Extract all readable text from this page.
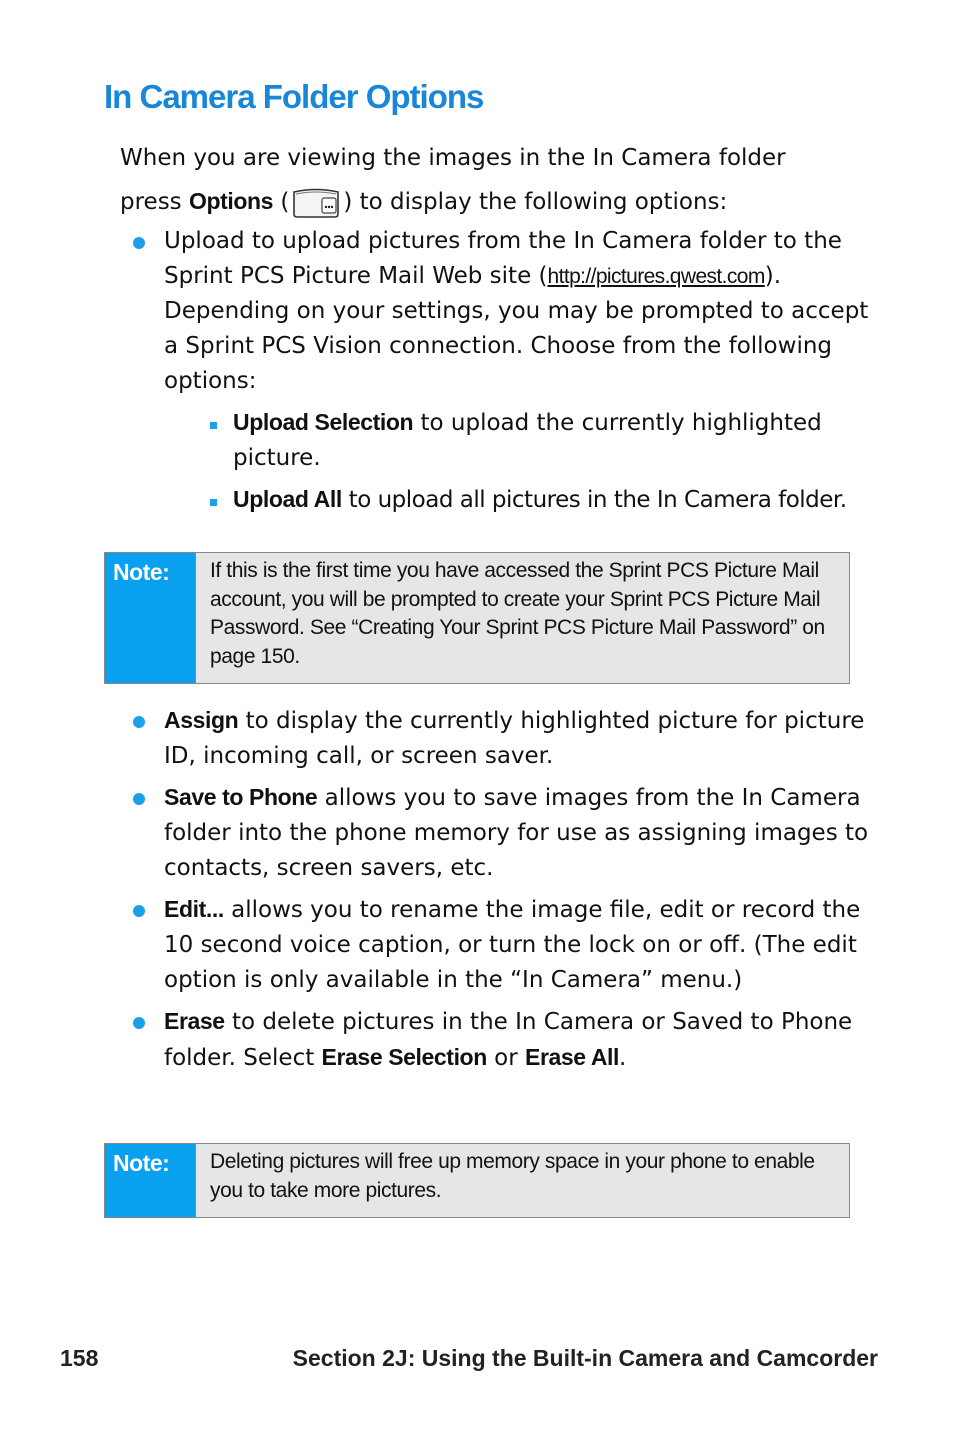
In Camera Folder Options

When you are viewing the images in the In Camera folder
press Options ( ) to display the following options:

Upload to upload pictures from the In Camera folder to the Sprint PCS Picture Mail Web site (http://pictures.qwest.com). Depending on your settings, you may be prompted to accept a Sprint PCS Vision connection. Choose from the following options:
Upload Selection to upload the currently highlighted picture.
Upload All to upload all pictures in the In Camera folder.
Note:	If this is the first time you have accessed the Sprint PCS Picture Mail account, you will be prompted to create your Sprint PCS Picture Mail Password. See “Creating Your Sprint PCS Picture Mail Password” on page 150.
Assign to display the currently highlighted picture for picture ID, incoming call, or screen saver.
Save to Phone allows you to save images from the In Camera folder into the phone memory for use as assigning images to contacts, screen savers, etc.
Edit... allows you to rename the image file, edit or record the 10 second voice caption, or turn the lock on or off. (The edit option is only available in the “In Camera” menu.)
Erase to delete pictures in the In Camera or Saved to Phone folder. Select Erase Selection or Erase All.
Note:	Deleting pictures will free up memory space in your phone to enable you to take more pictures.
158	Section 2J: Using the Built-in Camera and Camcorder
